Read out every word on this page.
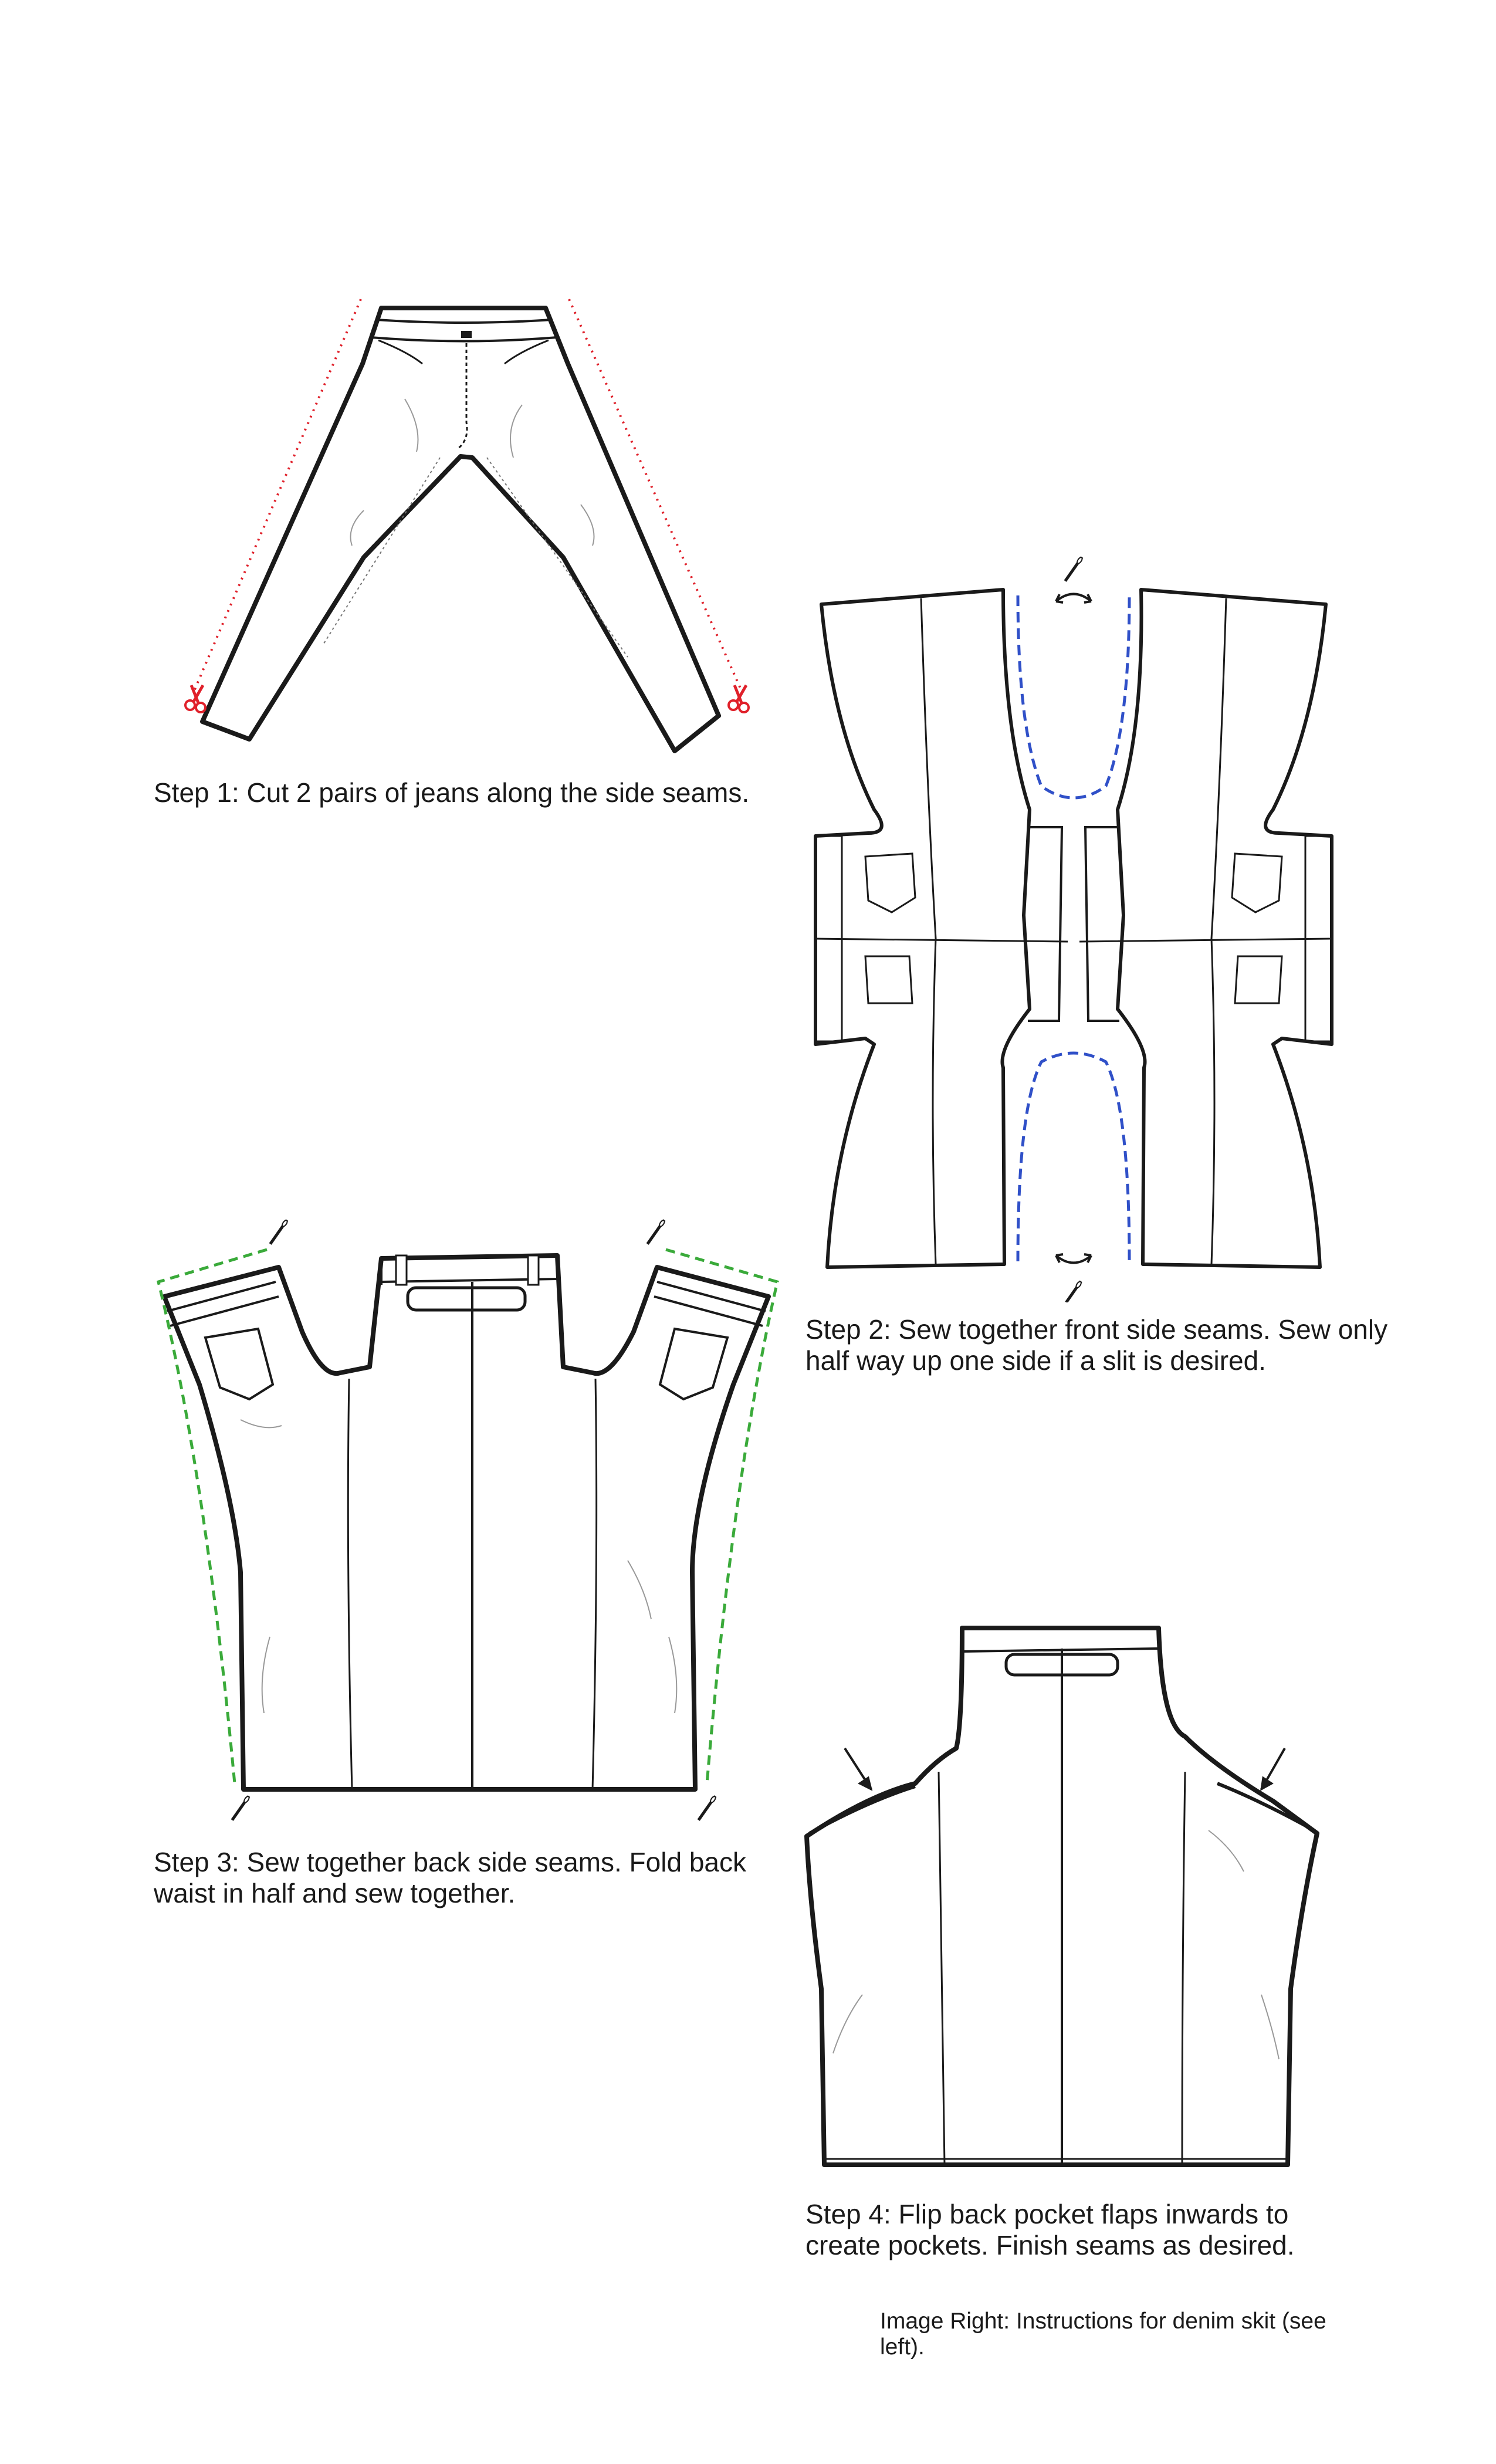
Step 1: Cut 2 pairs of jeans along the side seams.

Step 2: Sew together front side seams. Sew only half way up one side if a slit is desired.

Step 3: Sew together back side seams. Fold back waist in half and sew together.

Step 4: Flip back pocket flaps inwards to create pockets. Finish seams as desired.

Image Right: Instructions for denim skit (see left).
